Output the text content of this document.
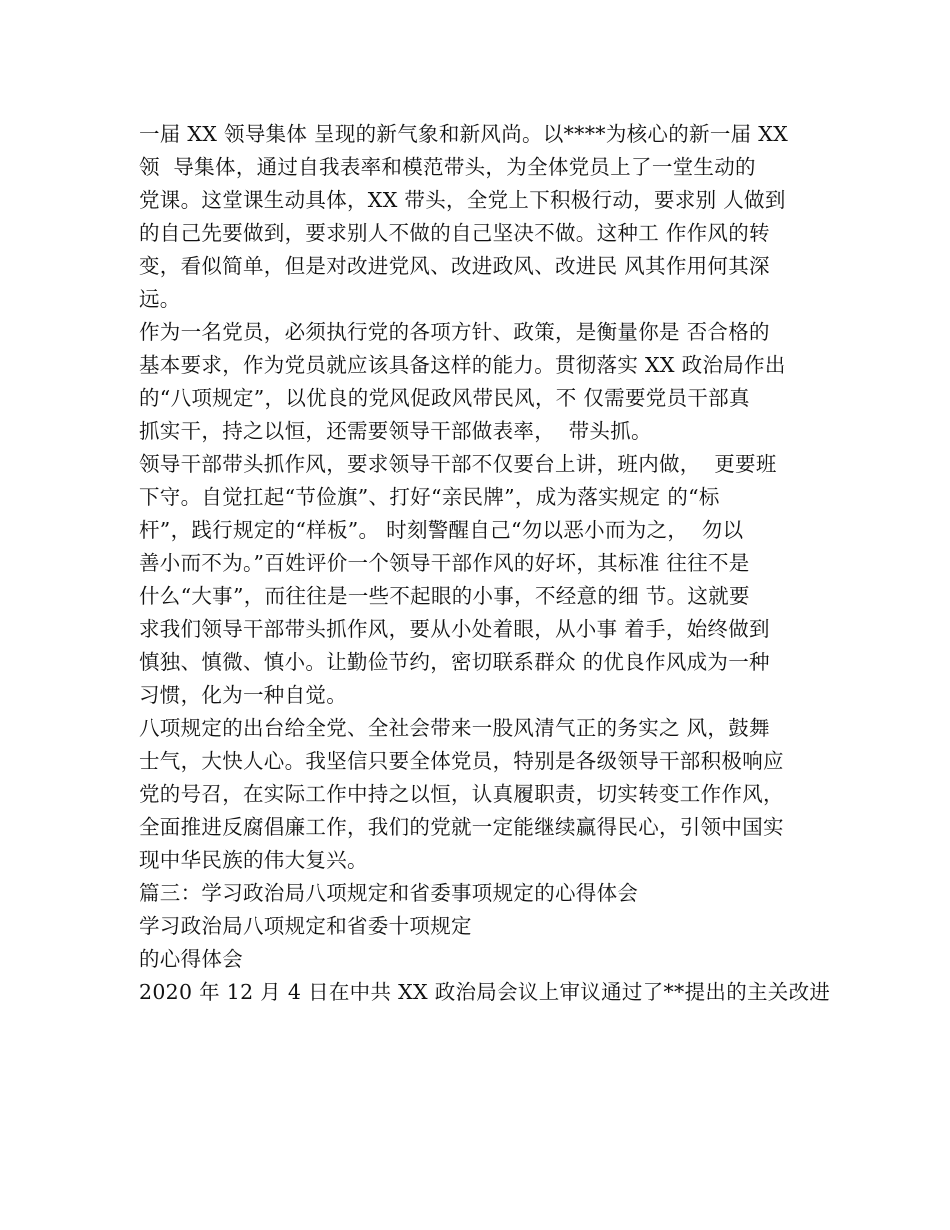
一届 XX 领导集体 呈现的新气象和新风尚。以****为核心的新一届 XX
领  导集体，通过自我表率和模范带头，为全体党员上了一堂生动的
党课。这堂课生动具体，XX 带头，全党上下积极行动，要求别 人做到
的自己先要做到，要求别人不做的自己坚决不做。这种工 作作风的转
变，看似简单，但是对改进党风、改进政风、改进民 风其作用何其深
远。
作为一名党员，必须执行党的各项方针、政策，是衡量你是 否合格的
基本要求，作为党员就应该具备这样的能力。贯彻落实 XX 政治局作出
的“八项规定”，以优良的党风促政风带民风，不 仅需要党员干部真
抓实干，持之以恒，还需要领导干部做表率，  带头抓。
领导干部带头抓作风，要求领导干部不仅要台上讲，班内做，  更要班
下守。自觉扛起“节俭旗”、打好“亲民牌”，成为落实规定 的“标
杆”，践行规定的“样板”。 时刻警醒自己“勿以恶小而为之，  勿以
善小而不为。”百姓评价一个领导干部作风的好坏，其标准 往往不是
什么“大事”，而往往是一些不起眼的小事，不经意的细 节。这就要
求我们领导干部带头抓作风，要从小处着眼，从小事 着手，始终做到
慎独、慎微、慎小。让勤俭节约，密切联系群众 的优良作风成为一种
习惯，化为一种自觉。
八项规定的出台给全党、全社会带来一股风清气正的务实之 风，鼓舞
士气，大快人心。我坚信只要全体党员，特别是各级领导干部积极响应
党的号召，在实际工作中持之以恒，认真履职责，切实转变工作作风，
全面推进反腐倡廉工作，我们的党就一定能继续赢得民心，引领中国实
现中华民族的伟大复兴。
篇三：学习政治局八项规定和省委事项规定的心得体会
学习政治局八项规定和省委十项规定
的心得体会
2020 年 12 月 4 日在中共 XX 政治局会议上审议通过了**提出的主关改进
